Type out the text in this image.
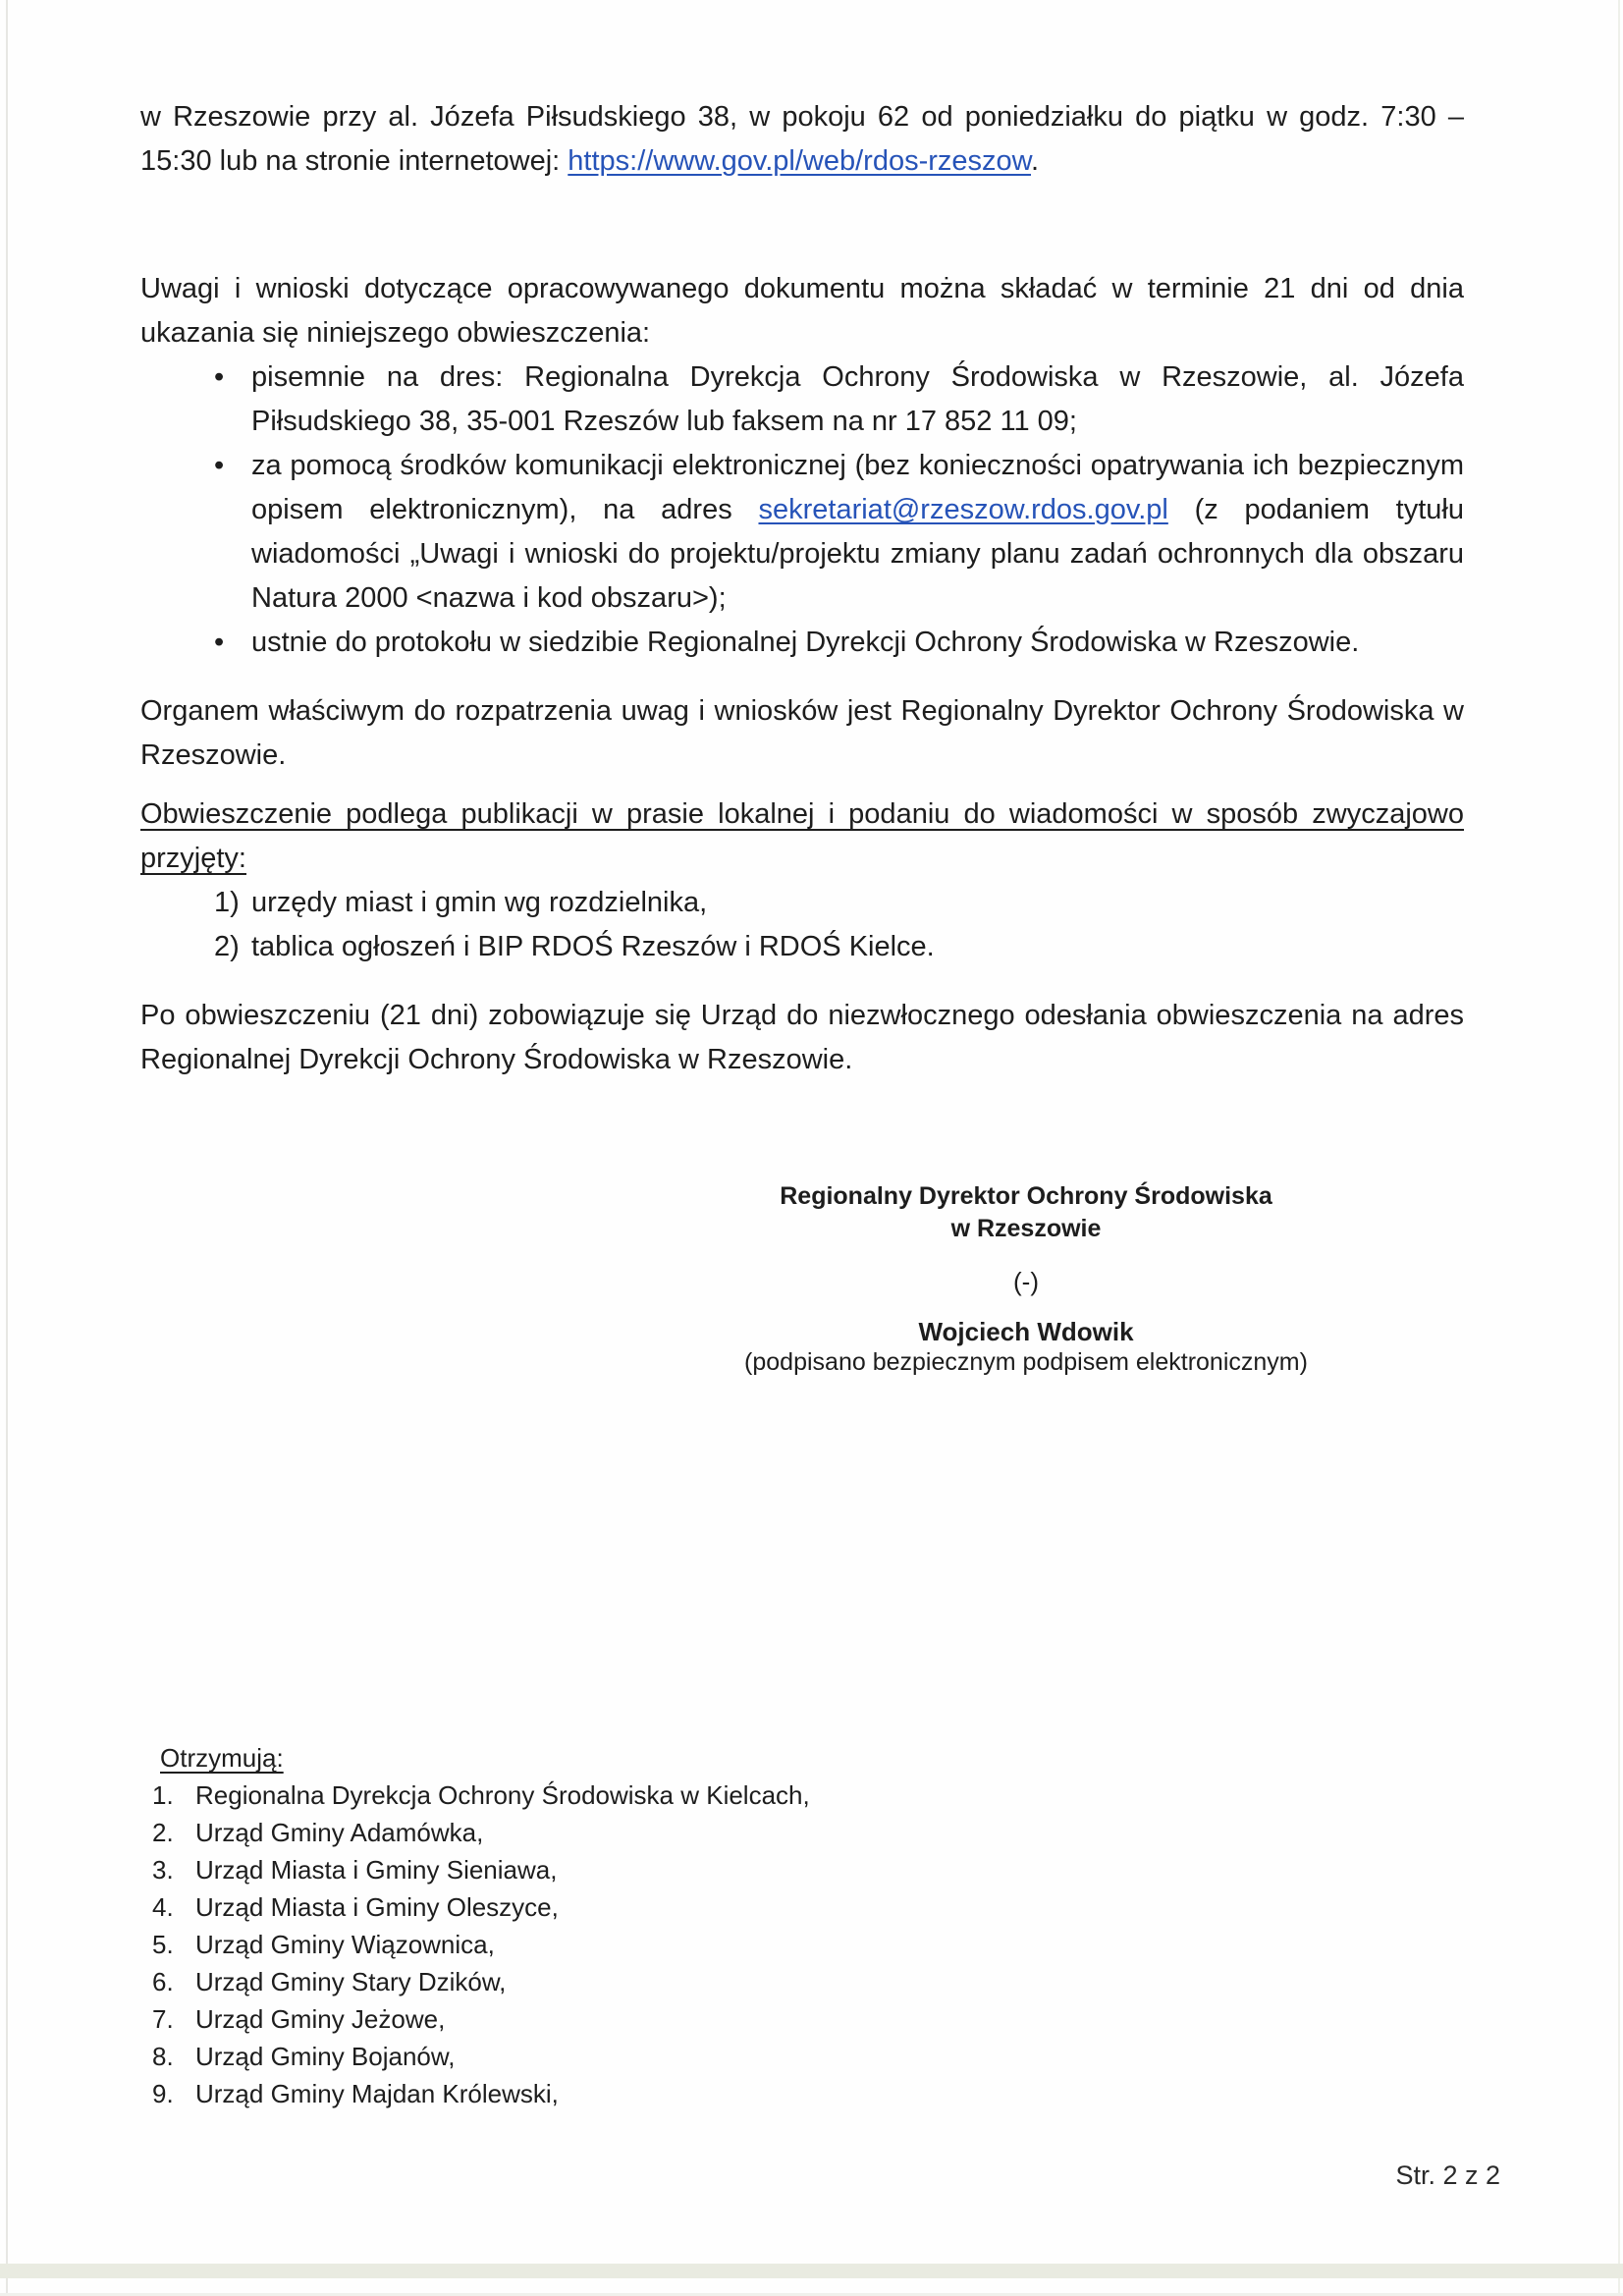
w Rzeszowie przy al. Józefa Piłsudskiego 38, w pokoju 62 od poniedziałku do piątku w godz. 7:30 – 15:30 lub na stronie internetowej: https://www.gov.pl/web/rdos-rzeszow.
Uwagi i wnioski dotyczące opracowywanego dokumentu można składać w terminie 21 dni od dnia ukazania się niniejszego obwieszczenia:
• pisemnie na dres: Regionalna Dyrekcja Ochrony Środowiska w Rzeszowie, al. Józefa Piłsudskiego 38, 35-001 Rzeszów lub faksem na nr 17 852 11 09;
• za pomocą środków komunikacji elektronicznej (bez konieczności opatrywania ich bezpiecznym opisem elektronicznym), na adres sekretariat@rzeszow.rdos.gov.pl (z podaniem tytułu wiadomości „Uwagi i wnioski do projektu/projektu zmiany planu zadań ochronnych dla obszaru Natura 2000 <nazwa i kod obszaru>);
• ustnie do protokołu w siedzibie Regionalnej Dyrekcji Ochrony Środowiska w Rzeszowie.
Organem właściwym do rozpatrzenia uwag i wniosków jest Regionalny Dyrektor Ochrony Środowiska w Rzeszowie.
Obwieszczenie podlega publikacji w prasie lokalnej i podaniu do wiadomości w sposób zwyczajowo przyjęty:
1) urzędy miast i gmin wg rozdzielnika,
2) tablica ogłoszeń i BIP RDOŚ Rzeszów i RDOŚ Kielce.
Po obwieszczeniu (21 dni) zobowiązuje się Urząd do niezwłocznego odesłania obwieszczenia na adres Regionalnej Dyrekcji Ochrony Środowiska w Rzeszowie.
Regionalny Dyrektor Ochrony Środowiska
w Rzeszowie
(-)
Wojciech Wdowik
(podpisano bezpiecznym podpisem elektronicznym)
Otrzymują:
1. Regionalna Dyrekcja Ochrony Środowiska w Kielcach,
2. Urząd Gminy Adamówka,
3. Urząd Miasta i Gminy Sieniawa,
4. Urząd Miasta i Gminy Oleszyce,
5. Urząd Gminy Wiązownica,
6. Urząd Gminy Stary Dzików,
7. Urząd Gminy Jeżowe,
8. Urząd Gminy Bojanów,
9. Urząd Gminy Majdan Królewski,
Str. 2 z 2
